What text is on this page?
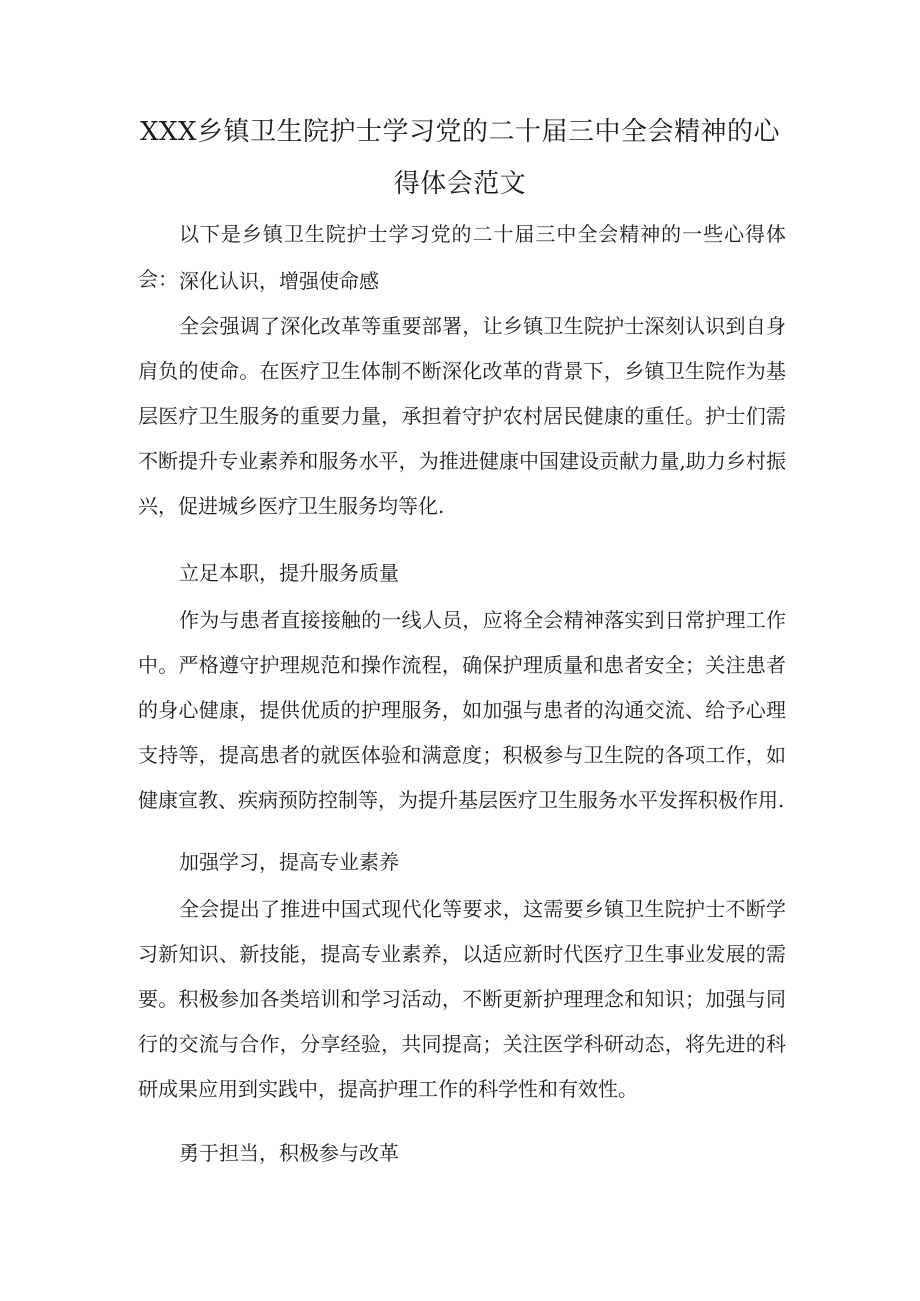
XXX乡镇卫生院护士学习党的二十届三中全会精神的心
得体会范文

以下是乡镇卫生院护士学习党的二十届三中全会精神的一些心得体会： 深化认识，增强使命感

全会强调了深化改革等重要部署，让乡镇卫生院护士深刻认识到自身肩负的使命。在医疗卫生体制不断深化改革的背景下，乡镇卫生院作为基层医疗卫生服务的重要力量，承担着守护农村居民健康的重任。护士们需不断提升专业素养和服务水平，为推进健康中国建设贡献力量,助力乡村振兴，促进城乡医疗卫生服务均等化.

立足本职，提升服务质量

作为与患者直接接触的一线人员，应将全会精神落实到日常护理工作中。严格遵守护理规范和操作流程，确保护理质量和患者安全；关注患者的身心健康，提供优质的护理服务，如加强与患者的沟通交流、给予心理支持等，提高患者的就医体验和满意度；积极参与卫生院的各项工作，如健康宣教、疾病预防控制等，为提升基层医疗卫生服务水平发挥积极作用.

加强学习，提高专业素养

全会提出了推进中国式现代化等要求，这需要乡镇卫生院护士不断学习新知识、新技能，提高专业素养，以适应新时代医疗卫生事业发展的需要。积极参加各类培训和学习活动，不断更新护理理念和知识；加强与同行的交流与合作，分享经验，共同提高；关注医学科研动态，将先进的科研成果应用到实践中，提高护理工作的科学性和有效性。

勇于担当，积极参与改革
